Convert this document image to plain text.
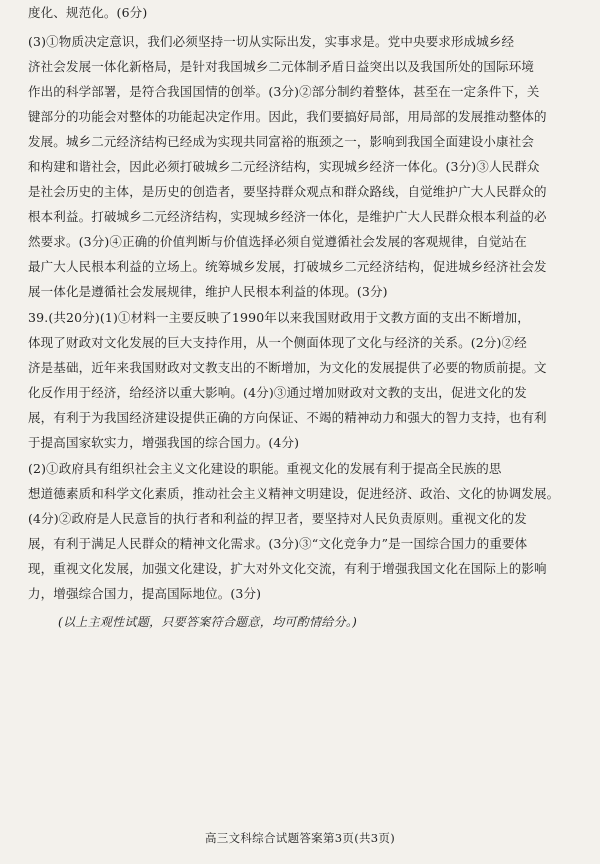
度化、规范化。(6分)
(3)①物质决定意识，我们必须坚持一切从实际出发，实事求是。党中央要求形成城乡经
济社会发展一体化新格局，是针对我国城乡二元体制矛盾日益突出以及我国所处的国际环境
作出的科学部署，是符合我国国情的创举。(3分)②部分制约着整体，甚至在一定条件下，关
键部分的功能会对整体的功能起决定作用。因此，我们要搞好局部，用局部的发展推动整体的
发展。城乡二元经济结构已经成为实现共同富裕的瓶颈之一，影响到我国全面建设小康社会
和构建和谐社会，因此必须打破城乡二元经济结构，实现城乡经济一体化。(3分)③人民群众
是社会历史的主体，是历史的创造者，要坚持群众观点和群众路线，自觉维护广大人民群众的
根本利益。打破城乡二元经济结构，实现城乡经济一体化，是维护广大人民群众根本利益的必
然要求。(3分)④正确的价值判断与价值选择必须自觉遵循社会发展的客观规律，自觉站在
最广大人民根本利益的立场上。统筹城乡发展，打破城乡二元经济结构，促进城乡经济社会发
展一体化是遵循社会发展规律，维护人民根本利益的体现。(3分)
39.(共20分)(1)①材料一主要反映了1990年以来我国财政用于文教方面的支出不断增加，
体现了财政对文化发展的巨大支持作用，从一个侧面体现了文化与经济的关系。(2分)②经
济是基础，近年来我国财政对文教支出的不断增加，为文化的发展提供了必要的物质前提。文
化反作用于经济，给经济以重大影响。(4分)③通过增加财政对文教的支出，促进文化的发
展，有利于为我国经济建设提供正确的方向保证、不竭的精神动力和强大的智力支持，也有利
于提高国家软实力，增强我国的综合国力。(4分)
(2)①政府具有组织社会主义文化建设的职能。重视文化的发展有利于提高全民族的思
想道德素质和科学文化素质，推动社会主义精神文明建设，促进经济、政治、文化的协调发展。
(4分)②政府是人民意旨的执行者和利益的捍卫者，要坚持对人民负责原则。重视文化的发
展，有利于满足人民群众的精神文化需求。(3分)③“文化竞争力”是一国综合国力的重要体
现，重视文化发展，加强文化建设，扩大对外文化交流，有利于增强我国文化在国际上的影响
力，增强综合国力，提高国际地位。(3分)
(以上主观性试题，只要答案符合题意，均可酌情给分。)
高三文科综合试题答案第3页(共3页)
